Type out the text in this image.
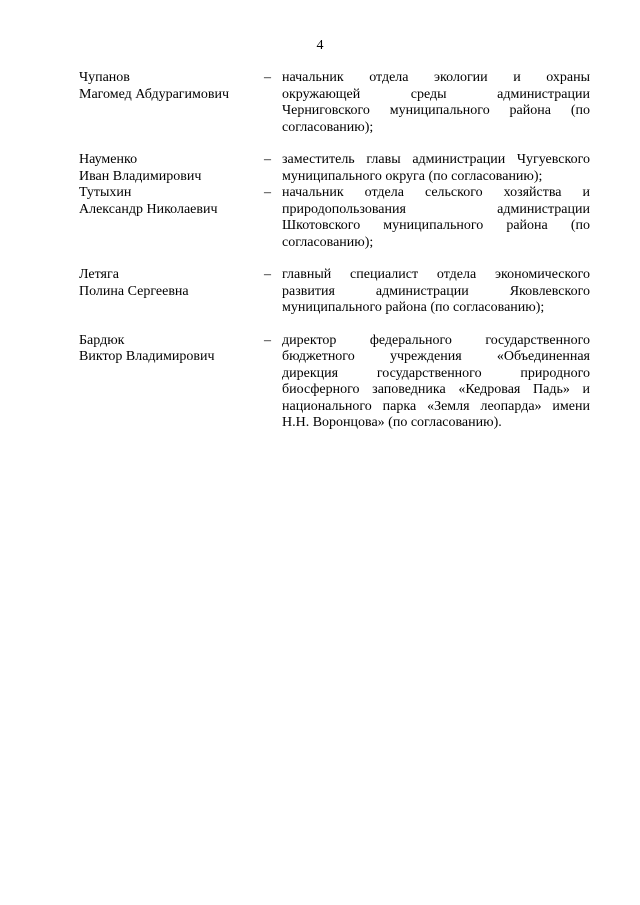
4
Чупанов
Магомед Абдурагимович
– начальник отдела экологии и охраны
окружающей среды администрации
Черниговского муниципального района (по
согласованию);
Науменко
Иван Владимирович
– заместитель главы администрации Чугуевского
муниципального округа (по согласованию);
Тутыхин
Александр Николаевич
– начальник отдела сельского хозяйства и
природопользования администрации
Шкотовского муниципального района (по
согласованию);
Летяга
Полина Сергеевна
– главный специалист отдела экономического
развития администрации Яковлевского
муниципального района (по согласованию);
Бардюк
Виктор Владимирович
– директор федерального государственного
бюджетного учреждения «Объединенная
дирекция государственного природного
биосферного заповедника «Кедровая Падь» и
национального парка «Земля леопарда» имени
Н.Н. Воронцова» (по согласованию).
